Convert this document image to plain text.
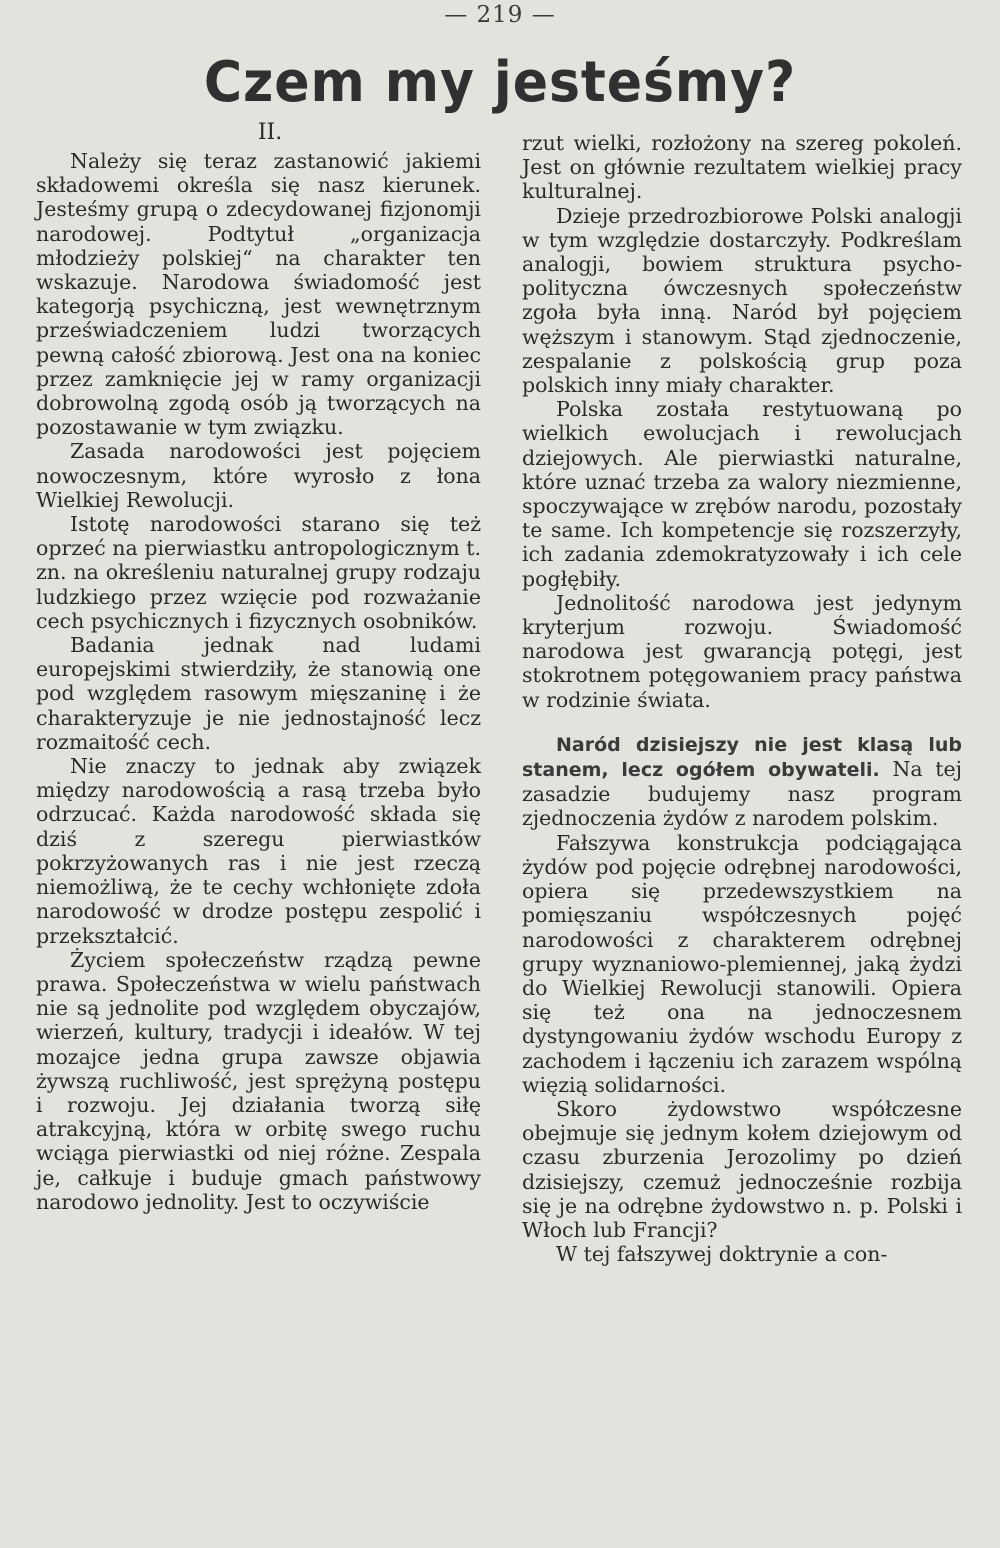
— 219 —
Czem my jesteśmy?
II.

Należy się teraz zastanowić jakiemi składowemi określa się nasz kierunek. Jesteśmy grupą o zdecydowanej fizjonomji narodowej. Podtytuł „organizacja młodzieży polskiej“ na charakter ten wskazuje. Narodowa świadomość jest kategorją psychiczną, jest wewnętrznym przeświadczeniem ludzi tworzących pewną całość zbiorową. Jest ona na koniec przez zamknięcie jej w ramy organizacji dobrowolną zgodą osób ją tworzących na pozostawanie w tym związku.

Zasada narodowości jest pojęciem nowoczesnym, które wyrosło z łona Wielkiej Rewolucji.

Istotę narodowości starano się też oprzeć na pierwiastku antropologicznym t. zn. na określeniu naturalnej grupy rodzaju ludzkiego przez wzięcie pod rozważanie cech psychicznych i fizycznych osobników.

Badania jednak nad ludami europejskimi stwierdziły, że stanowią one pod względem rasowym mięszaninę i że charakteryzuje je nie jednostajność lecz rozmaitość cech.

Nie znaczy to jednak aby związek między narodowością a rasą trzeba było odrzucać. Każda narodowość składa się dziś z szeregu pierwiastków pokrzyżowanych ras i nie jest rzeczą niemożliwą, że te cechy wchłonięte zdoła narodowość w drodze postępu zespolić i przekształcić.

Życiem społeczeństw rządzą pewne prawa. Społeczeństwa w wielu państwach nie są jednolite pod względem obyczajów, wierzeń, kultury, tradycji i ideałów. W tej mozajce jedna grupa zawsze objawia żywszą ruchliwość, jest sprężyną postępu i rozwoju. Jej działania tworzą siłę atrakcyjną, która w orbitę swego ruchu wciąga pierwiastki od niej różne. Zespala je, całkuje i buduje gmach państwowy narodowo jednolity. Jest to oczywiście

rzut wielki, rozłożony na szereg pokoleń. Jest on głównie rezultatem wielkiej pracy kulturalnej.

Dzieje przedrozbiorowe Polski analogji w tym względzie dostarczyły. Podkreślam analogji, bowiem struktura psycho-polityczna ówczesnych społeczeństw zgoła była inną. Naród był pojęciem węższym i stanowym. Stąd zjednoczenie, zespalanie z polskością grup poza polskich inny miały charakter.

Polska została restytuowaną po wielkich ewolucjach i rewolucjach dziejowych. Ale pierwiastki naturalne, które uznać trzeba za walory niezmienne, spoczywające w zrębów narodu, pozostały te same. Ich kompetencje się rozszerzyły, ich zadania zdemokratyzowały i ich cele pogłębiły.

Jednolitość narodowa jest jedynym kryterjum rozwoju. Świadomość narodowa jest gwarancją potęgi, jest stokrotnem potęgowaniem pracy państwa w rodzinie świata.

Naród dzisiejszy nie jest klasą lub stanem, lecz ogółem obywateli. Na tej zasadzie budujemy nasz program zjednoczenia żydów z narodem polskim.

Fałszywa konstrukcja podciągająca żydów pod pojęcie odrębnej narodowości, opiera się przedewszystkiem na pomięszaniu współczesnych pojęć narodowości z charakterem odrębnej grupy wyznaniowo-plemiennej, jaką żydzi do Wielkiej Rewolucji stanowili. Opiera się też ona na jednoczesnem dystyngowaniu żydów wschodu Europy z zachodem i łączeniu ich zarazem wspólną więzią solidarności.

Skoro żydowstwo współczesne obejmuje się jednym kołem dziejowym od czasu zburzenia Jerozolimy po dzień dzisiejszy, czemuż jednocześnie rozbija się je na odrębne żydowstwo n. p. Polski i Włoch lub Francji?

W tej fałszywej doktrynie a con-
